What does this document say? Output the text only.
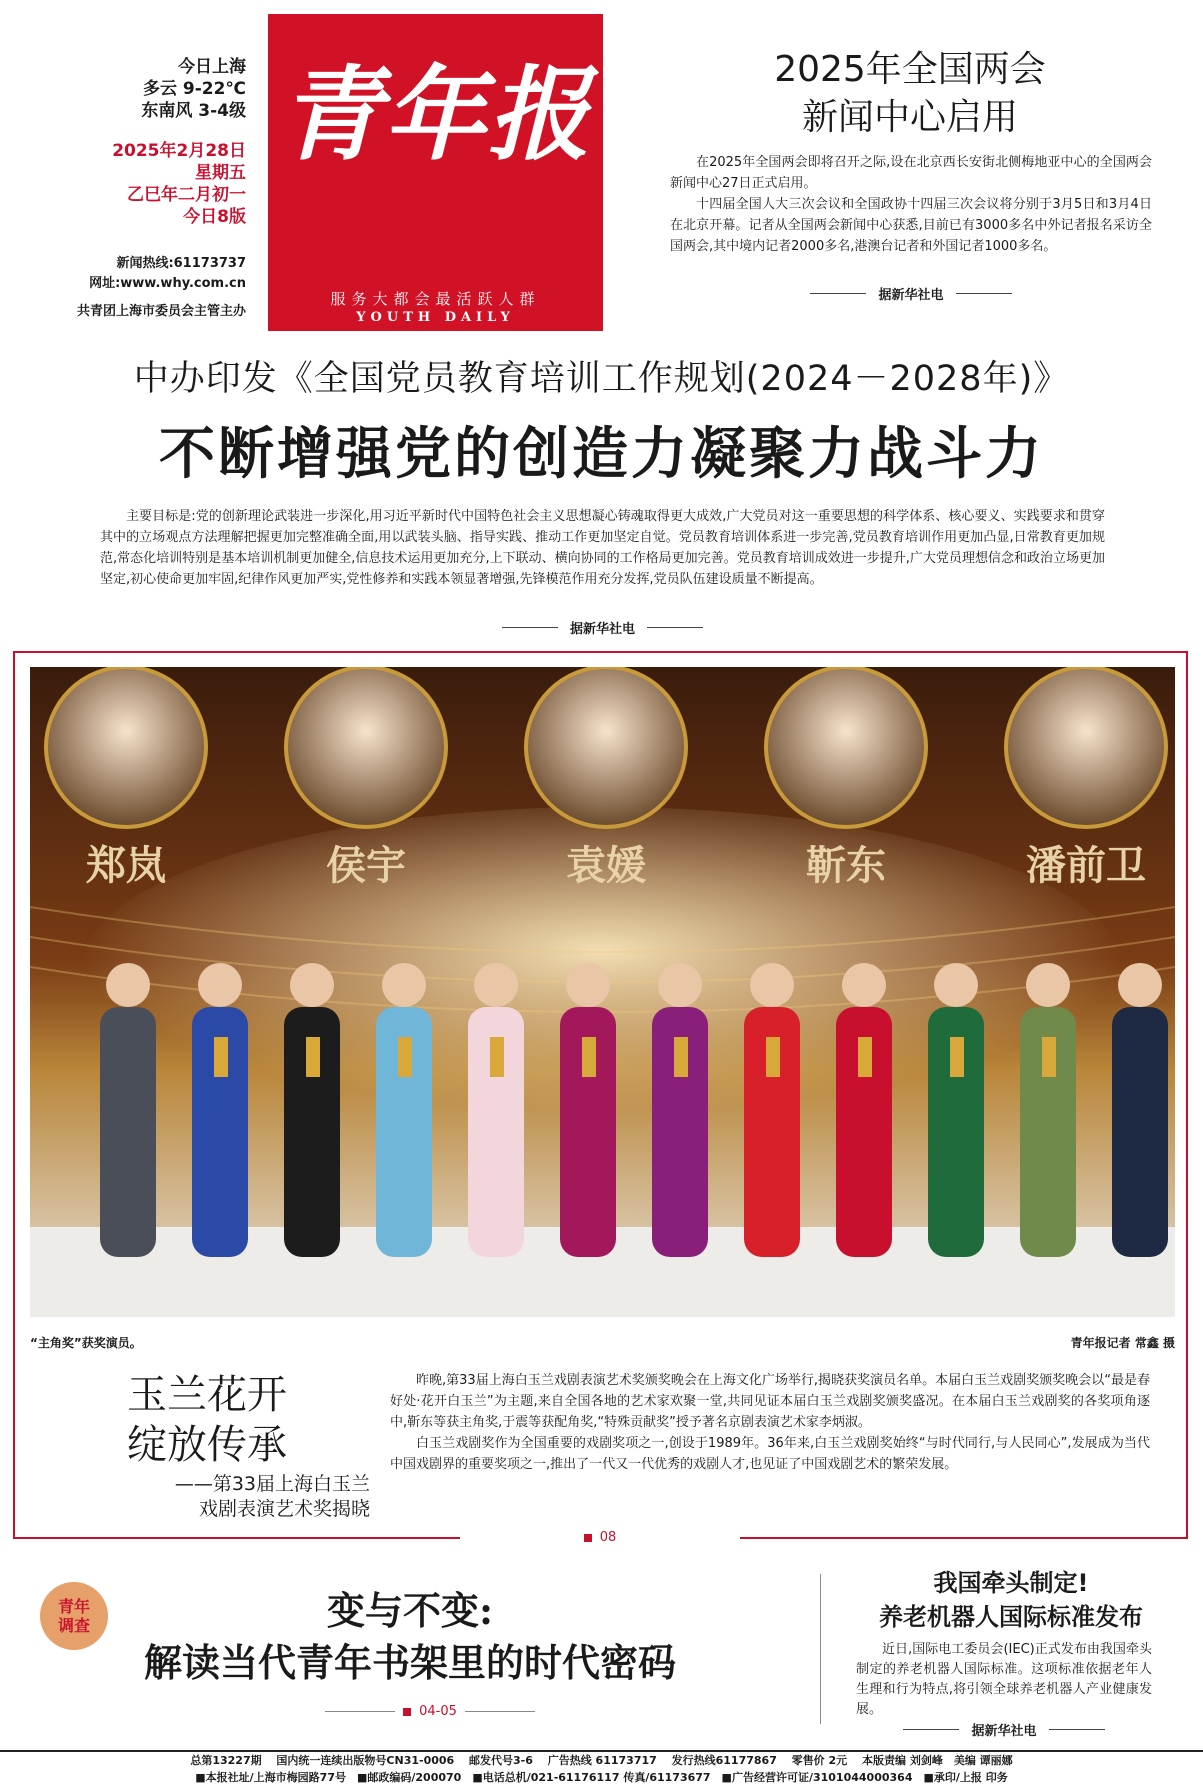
今日上海
多云 9-22℃
东南风 3-4级
2025年2月28日
星期五
乙巳年二月初一
今日8版
新闻热线:61173737
网址:www.why.com.cn
共青团上海市委员会主管主办
青年报
服务大都会最活跃人群
YOUTH DAILY
2025年全国两会
新闻中心启用

在2025年全国两会即将召开之际,设在北京西长安街北侧梅地亚中心的全国两会新闻中心27日正式启用。

十四届全国人大三次会议和全国政协十四届三次会议将分别于3月5日和3月4日在北京开幕。记者从全国两会新闻中心获悉,目前已有3000多名中外记者报名采访全国两会,其中境内记者2000多名,港澳台记者和外国记者1000多名。

据新华社电
中办印发《全国党员教育培训工作规划(2024－2028年)》
不断增强党的创造力凝聚力战斗力

主要目标是:党的创新理论武装进一步深化,用习近平新时代中国特色社会主义思想凝心铸魂取得更大成效,广大党员对这一重要思想的科学体系、核心要义、实践要求和贯穿其中的立场观点方法理解把握更加完整准确全面,用以武装头脑、指导实践、推动工作更加坚定自觉。党员教育培训体系进一步完善,党员教育培训作用更加凸显,日常教育更加规范,常态化培训特别是基本培训机制更加健全,信息技术运用更加充分,上下联动、横向协同的工作格局更加完善。党员教育培训成效进一步提升,广大党员理想信念和政治立场更加坚定,初心使命更加牢固,纪律作风更加严实,党性修养和实践本领显著增强,先锋模范作用充分发挥,党员队伍建设质量不断提高。

据新华社电
郑岚	侯宇	袁媛	靳东	潘前卫
“主角奖”获奖演员。	青年报记者 常鑫 摄
玉兰花开
绽放传承
——第33届上海白玉兰
戏剧表演艺术奖揭晓

昨晚,第33届上海白玉兰戏剧表演艺术奖颁奖晚会在上海文化广场举行,揭晓获奖演员名单。本届白玉兰戏剧奖颁奖晚会以“最是春好处·花开白玉兰”为主题,来自全国各地的艺术家欢聚一堂,共同见证本届白玉兰戏剧奖颁奖盛况。在本届白玉兰戏剧奖的各奖项角逐中,靳东等获主角奖,于震等获配角奖,“特殊贡献奖”授予著名京剧表演艺术家李炳淑。

白玉兰戏剧奖作为全国重要的戏剧奖项之一,创设于1989年。36年来,白玉兰戏剧奖始终“与时代同行,与人民同心”,发展成为当代中国戏剧界的重要奖项之一,推出了一代又一代优秀的戏剧人才,也见证了中国戏剧艺术的繁荣发展。

08
青年
调查	变与不变:
解读当代青年书架里的时代密码
04-05
我国牵头制定!
养老机器人国际标准发布

近日,国际电工委员会(IEC)正式发布由我国牵头制定的养老机器人国际标准。这项标准依据老年人生理和行为特点,将引领全球养老机器人产业健康发展。

据新华社电
总第13227期　 国内统一连续出版物号CN31-0006　 邮发代号3-6　 广告热线 61173717　 发行热线61177867　 零售价 2元　 本版责编 刘剑峰　美编 谭丽娜
■本报社址/上海市梅园路77号　■邮政编码/200070　■电话总机/021-61176117 传真/61173677　■广告经营许可证/3101044000364　■承印/上报 印务
